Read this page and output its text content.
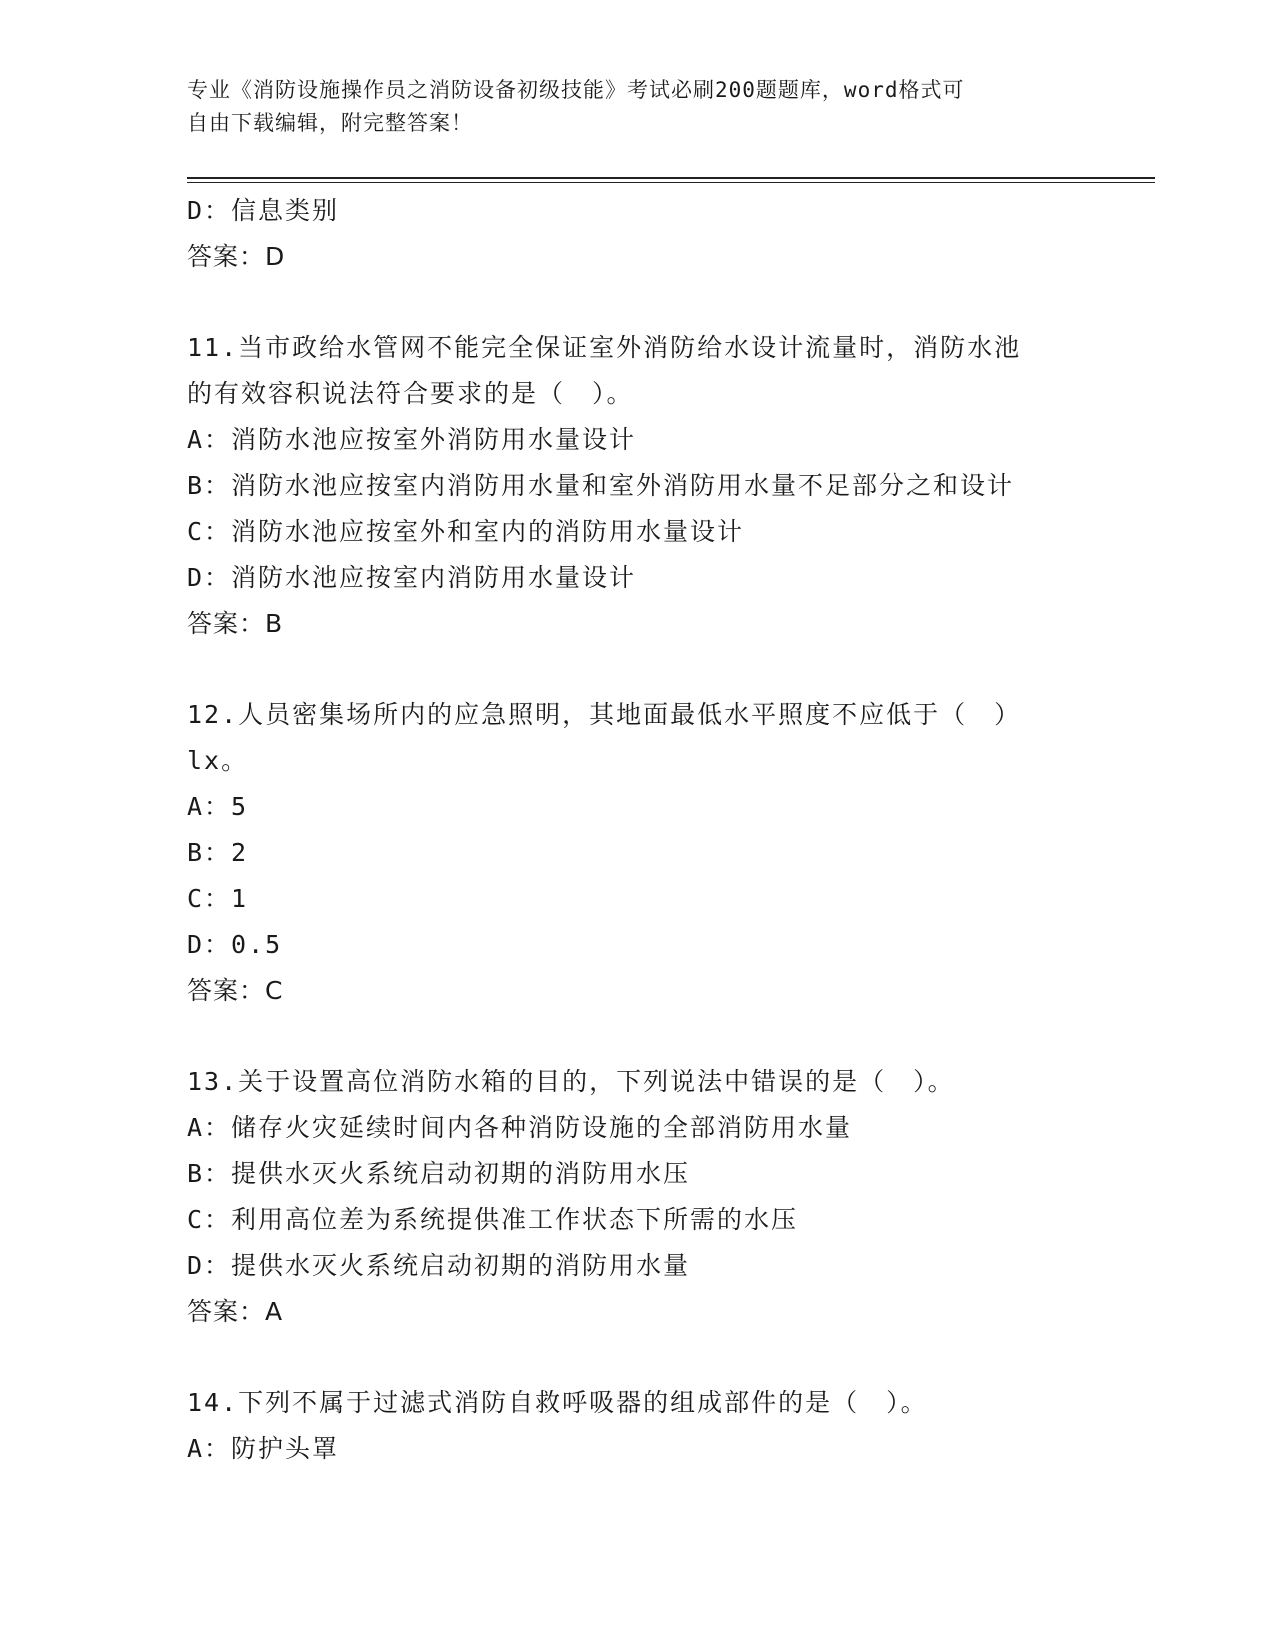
专业《消防设施操作员之消防设备初级技能》考试必刷200题题库，word格式可
自由下载编辑，附完整答案！
D：信息类别
答案：D
11.当市政给水管网不能完全保证室外消防给水设计流量时，消防水池
的有效容积说法符合要求的是（　）。
A：消防水池应按室外消防用水量设计
B：消防水池应按室内消防用水量和室外消防用水量不足部分之和设计
C：消防水池应按室外和室内的消防用水量设计
D：消防水池应按室内消防用水量设计
答案：B
12.人员密集场所内的应急照明，其地面最低水平照度不应低于（　）
lx。
A：5
B：2
C：1
D：0.5
答案：C
13.关于设置高位消防水箱的目的，下列说法中错误的是（　）。
A：储存火灾延续时间内各种消防设施的全部消防用水量
B：提供水灭火系统启动初期的消防用水压
C：利用高位差为系统提供准工作状态下所需的水压
D：提供水灭火系统启动初期的消防用水量
答案：A
14.下列不属于过滤式消防自救呼吸器的组成部件的是（　）。
A：防护头罩
